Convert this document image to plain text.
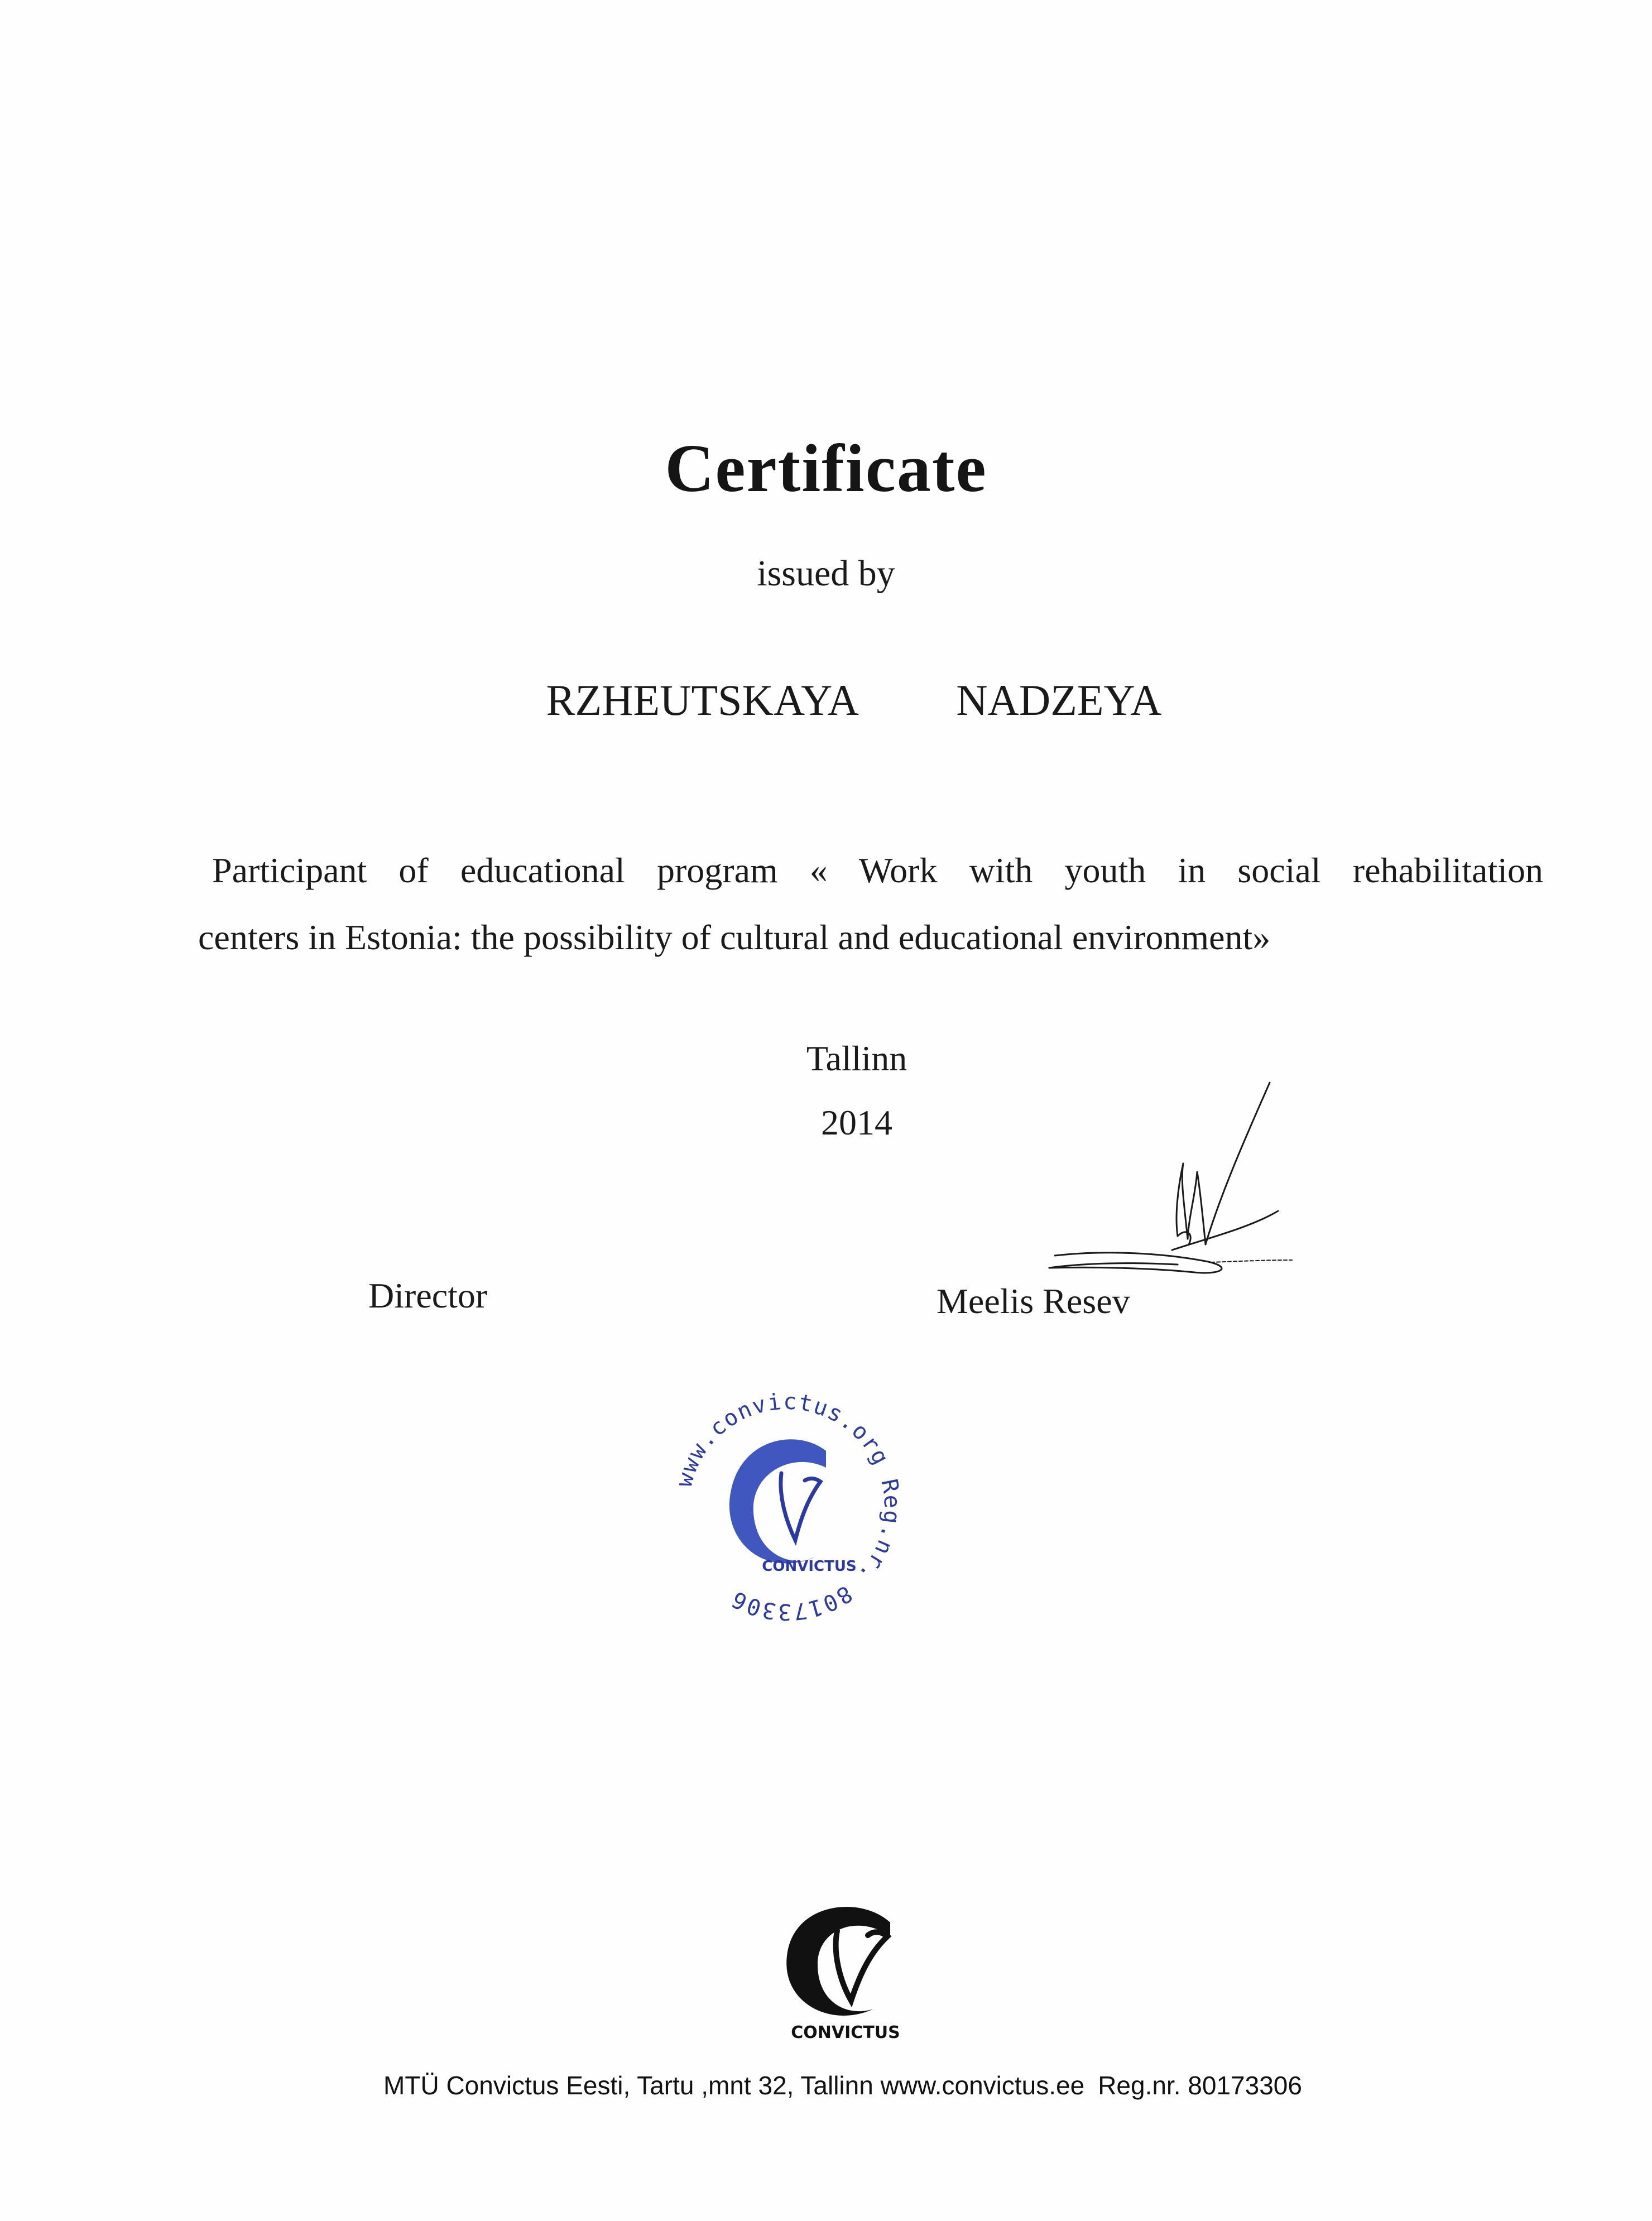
Certificate
issued by
RZHEUTSKAYA   NADZEYA
Participant of educational program « Work with youth in social rehabilitation
centers in Estonia: the possibility of cultural and educational environment»
Tallinn
2014
Director	Meelis Resev
www.convictus.org Reg.nr. 80173306
CONVICTUS
CONVICTUS
MTÜ Convictus Eesti, Tartu ,mnt 32, Tallinn www.convictus.ee Reg.nr. 80173306
